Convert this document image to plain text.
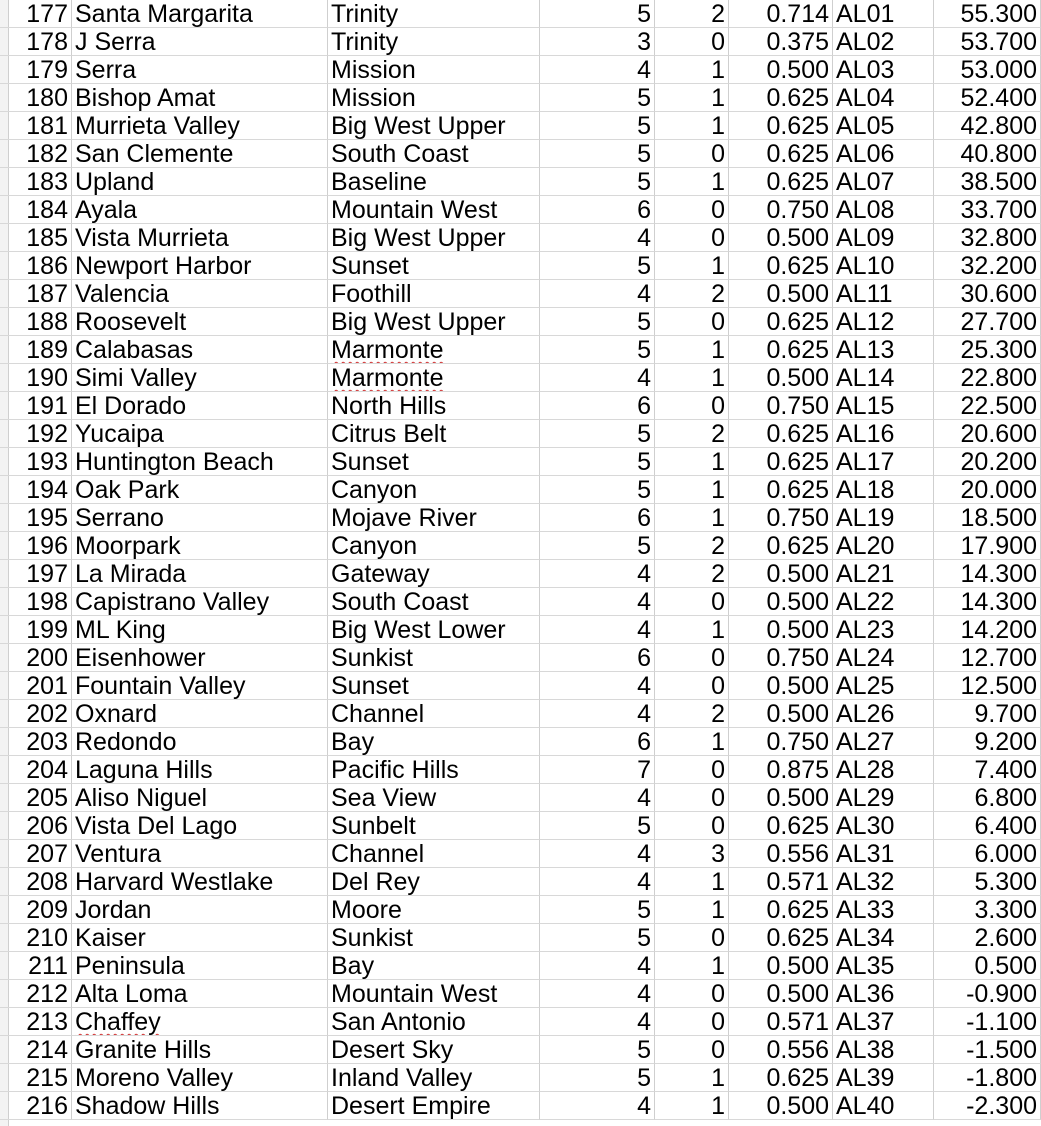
177 Santa Margarita	Trinity	5	2	0.714 AL01	55.300
178 J Serra	Trinity	3	0	0.375 AL02	53.700
179 Serra	Mission	4	1	0.500 AL03	53.000
180 Bishop Amat	Mission	5	1	0.625 AL04	52.400
181 Murrieta Valley	Big West Upper	5	1	0.625 AL05	42.800
182 San Clemente	South Coast	5	0	0.625 AL06	40.800
183 Upland	Baseline	5	1	0.625 AL07	38.500
184 Ayala	Mountain West	6	0	0.750 AL08	33.700
185 Vista Murrieta	Big West Upper	4	0	0.500 AL09	32.800
186 Newport Harbor	Sunset	5	1	0.625 AL10	32.200
187 Valencia	Foothill	4	2	0.500 AL11	30.600
188 Roosevelt	Big West Upper	5	0	0.625 AL12	27.700
189 Calabasas	Marmonte	5	1	0.625 AL13	25.300
190 Simi Valley	Marmonte	4	1	0.500 AL14	22.800
191 El Dorado	North Hills	6	0	0.750 AL15	22.500
192 Yucaipa	Citrus Belt	5	2	0.625 AL16	20.600
193 Huntington Beach	Sunset	5	1	0.625 AL17	20.200
194 Oak Park	Canyon	5	1	0.625 AL18	20.000
195 Serrano	Mojave River	6	1	0.750 AL19	18.500
196 Moorpark	Canyon	5	2	0.625 AL20	17.900
197 La Mirada	Gateway	4	2	0.500 AL21	14.300
198 Capistrano Valley	South Coast	4	0	0.500 AL22	14.300
199 ML King	Big West Lower	4	1	0.500 AL23	14.200
200 Eisenhower	Sunkist	6	0	0.750 AL24	12.700
201 Fountain Valley	Sunset	4	0	0.500 AL25	12.500
202 Oxnard	Channel	4	2	0.500 AL26	9.700
203 Redondo	Bay	6	1	0.750 AL27	9.200
204 Laguna Hills	Pacific Hills	7	0	0.875 AL28	7.400
205 Aliso Niguel	Sea View	4	0	0.500 AL29	6.800
206 Vista Del Lago	Sunbelt	5	0	0.625 AL30	6.400
207 Ventura	Channel	4	3	0.556 AL31	6.000
208 Harvard Westlake	Del Rey	4	1	0.571 AL32	5.300
209 Jordan	Moore	5	1	0.625 AL33	3.300
210 Kaiser	Sunkist	5	0	0.625 AL34	2.600
211 Peninsula	Bay	4	1	0.500 AL35	0.500
212 Alta Loma	Mountain West	4	0	0.500 AL36	-0.900
213 Chaffey	San Antonio	4	0	0.571 AL37	-1.100
214 Granite Hills	Desert Sky	5	0	0.556 AL38	-1.500
215 Moreno Valley	Inland Valley	5	1	0.625 AL39	-1.800
216 Shadow Hills	Desert Empire	4	1	0.500 AL40	-2.300
